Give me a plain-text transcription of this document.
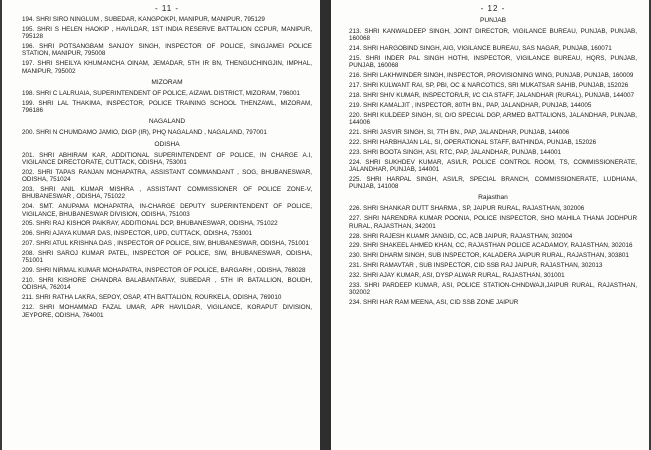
- 11 -
194. SHRI SIRO NINGLUM , SUBEDAR, KANGPOKPI, MANIPUR, MANIPUR, 795129
195. SHRI S HELEN HAOKIP , HAVILDAR, 1ST INDIA RESERVE BATTALION CCPUR, MANIPUR, 795128
196. SHRI POTSANGBAM SANJOY SINGH, INSPECTOR OF POLICE, SINGJAMEI POLICE STATION, MANIPUR, 795008
197. SHRI SHEILYA KHUMANCHA OINAM, JEMADAR, 5TH IR BN, THENGUCHINGJIN, IMPHAL, MANIPUR, 795002
MIZORAM
198. SHRI C LALRUAIA, SUPERINTENDENT OF POLICE, AIZAWL DISTRICT, MIZORAM, 796001
199. SHRI LAL THAKIMA, INSPECTOR, POLICE TRAINING SCHOOL THENZAWL, MIZORAM, 796186
NAGALAND
200. SHRI N CHUMDAMO JAMIO, DIGP (IR), PHQ NAGALAND , NAGALAND, 797001
ODISHA
201. SHRI ABHIRAM KAR, ADDITIONAL SUPERINTENDENT OF POLICE, IN CHARGE A.I, VIGILANCE DIRECTORATE, CUTTACK, ODISHA, 753001
202. SHRI TAPAS RANJAN MOHAPATRA, ASSISTANT COMMANDANT , SOG, BHUBANESWAR, ODISHA, 751024
203. SHRI ANIL KUMAR MISHRA , ASSISTANT COMMISSIONER OF POLICE ZONE-V, BHUBANESWAR , ODISHA, 751022
204. SMT. ANUPAMA MOHAPATRA, IN-CHARGE DEPUTY SUPERINTENDENT OF POLICE, VIGILANCE, BHUBANESWAR DIVISION, ODISHA, 751003
205. SHRI RAJ KISHOR PAIKRAY, ADDITIONAL DCP, BHUBANESWAR, ODISHA, 751022
206. SHRI AJAYA KUMAR DAS, INSPECTOR, UPD, CUTTACK, ODISHA, 753001
207. SHRI ATUL KRISHNA DAS , INSPECTOR OF POLICE, SIW, BHUBANESWAR, ODISHA, 751001
208. SHRI SAROJ KUMAR PATEL, INSPECTOR OF POLICE, SIW, BHUBANESWAR, ODISHA, 751001
209. SHRI NIRMAL KUMAR MOHAPATRA, INSPECTOR OF POLICE, BARGARH , ODISHA, 768028
210. SHRI KISHORE CHANDRA BALABANTARAY, SUBEDAR , 5TH IR BATALLION, BOUDH, ODISHA, 762014
211. SHRI RATHA LAKRA, SEPOY, OSAP, 4TH BATTALION, ROURKELA, ODISHA, 769010
212. SHRI MOHAMMAD FAZAL UMAR, APR HAVILDAR, VIGILANCE, KORAPUT DIVISION, JEYPORE, ODISHA, 764001
- 12 -
PUNJAB
213. SHRI KANWALDEEP SINGH, JOINT DIRECTOR, VIGILANCE BUREAU, PUNJAB, PUNJAB, 160068
214. SHRI HARGOBIND SINGH, AIG, VIGILANCE BUREAU, SAS NAGAR, PUNJAB, 160071
215. SHRI INDER PAL SINGH HOTHI, INSPECTOR, VIGILANCE BUREAU, HQRS, PUNJAB, PUNJAB, 160068
216. SHRI LAKHWINDER SINGH, INSPECTOR, PROVISIONING WING, PUNJAB, PUNJAB, 160009
217. SHRI KULWANT RAI, SP, PBI, OC & NARCOTICS, SRI MUKATSAR SAHIB, PUNJAB, 152026
218. SHRI SHIV KUMAR, INSPECTOR/LR, I/C CIA STAFF, JALANDHAR (RURAL), PUNJAB, 144007
219. SHRI KAMALJIT , INSPECTOR, 80TH BN., PAP, JALANDHAR, PUNJAB, 144005
220. SHRI KULDEEP SINGH, SI, O/O SPECIAL DGP, ARMED BATTALIONS, JALANDHAR, PUNJAB, 144006
221. SHRI JASVIR SINGH, SI, 7TH BN., PAP, JALANDHAR, PUNJAB, 144006
222. SHRI HARBHAJAN LAL, SI, OPERATIONAL STAFF, BATHINDA, PUNJAB, 152026
223. SHRI BOOTA SINGH, ASI, RTC, PAP, JALANDHAR, PUNJAB, 144001
224. SHRI SUKHDEV KUMAR, ASI/LR, POLICE CONTROL ROOM, TS, COMMISSIONERATE, JALANDHAR, PUNJAB, 144001
225. SHRI HARPAL SINGH, ASI/LR, SPECIAL BRANCH, COMMISSIONERATE, LUDHIANA, PUNJAB, 141008
Rajasthan
226. SHRI SHANKAR DUTT SHARMA , SP, JAIPUR RURAL, RAJASTHAN, 302006
227. SHRI NARENDRA KUMAR POONIA, POLICE INSPECTOR, SHO MAHILA THANA JODHPUR RURAL, RAJASTHAN, 342001
228. SHRI RAJESH KUAMR JANGID, CC, ACB JAIPUR, RAJASTHAN, 302004
229. SHRI SHAKEEL AHMED KHAN, CC, RAJASTHAN POLICE ACADAMOY, RAJASTHAN, 302016
230. SHRI DHARM SINGH, SUB INSPECTOR, KALADERA JAIPUR RURAL, RAJASTHAN, 303801
231. SHRI RAMAVTAR , SUB INSPECTOR, CID SSB RAJ JAIPUR, RAJASTHAN, 302013
232. SHRI AJAY KUMAR, ASI, DYSP ALWAR RURAL, RAJASTHAN, 301001
233. SHRI PARDEEP KUMAR, ASI, POLICE STATION-CHNDWAJI,JAIPUR RURAL, RAJASTHAN, 302002
234. SHRI HAR RAM MEENA, ASI, CID SSB ZONE JAIPUR
